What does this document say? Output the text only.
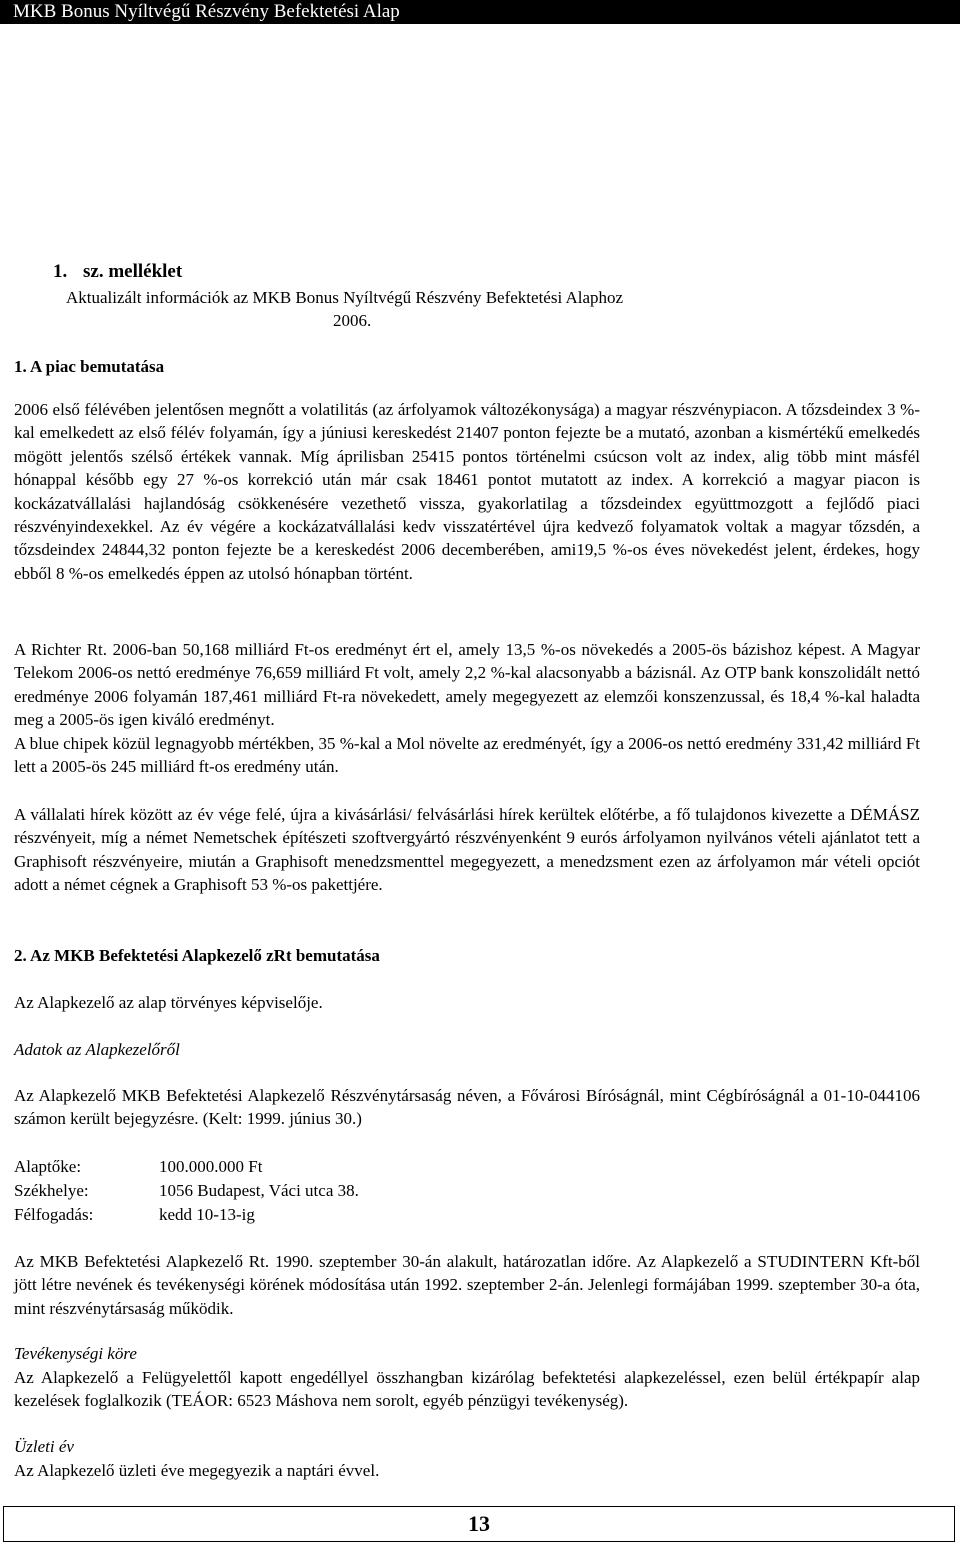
MKB Bonus Nyíltvégű Részvény Befektetési Alap
1. sz. melléklet
Aktualizált információk az MKB Bonus Nyíltvégű Részvény Befektetési Alaphoz
2006.
1. A piac bemutatása

2006 első félévében jelentősen megnőtt a volatilitás (az árfolyamok változékonysága) a magyar részvénypiacon. A tőzsdeindex 3 %-kal emelkedett az első félév folyamán, így a júniusi kereskedést 21407 ponton fejezte be a mutató, azonban a kismértékű emelkedés mögött jelentős szélső értékek vannak. Míg áprilisban 25415 pontos történelmi csúcson volt az index, alig több mint másfél hónappal később egy 27 %-os korrekció után már csak 18461 pontot mutatott az index. A korrekció a magyar piacon is kockázatvállalási hajlandóság csökkenésére vezethető vissza, gyakorlatilag a tőzsdeindex együttmozgott a fejlődő piaci részvényindexekkel. Az év végére a kockázatvállalási kedv visszatértével újra kedvező folyamatok voltak a magyar tőzsdén, a tőzsdeindex 24844,32 ponton fejezte be a kereskedést 2006 decemberében, ami19,5 %-os éves növekedést jelent, érdekes, hogy ebből 8 %-os emelkedés éppen az utolsó hónapban történt.

A Richter Rt. 2006-ban 50,168 milliárd Ft-os eredményt ért el, amely 13,5 %-os növekedés a 2005-ös bázishoz képest. A Magyar Telekom 2006-os nettó eredménye 76,659 milliárd Ft volt, amely 2,2 %-kal alacsonyabb a bázisnál. Az OTP bank konszolidált nettó eredménye 2006 folyamán 187,461 milliárd Ft-ra növekedett, amely megegyezett az elemzői konszenzussal, és 18,4 %-kal haladta meg a 2005-ös igen kiváló eredményt.

A blue chipek közül legnagyobb mértékben, 35 %-kal a Mol növelte az eredményét, így a 2006-os nettó eredmény 331,42 milliárd Ft lett a 2005-ös 245 milliárd ft-os eredmény után.

A vállalati hírek között az év vége felé, újra a kivásárlási/ felvásárlási hírek kerültek előtérbe, a fő tulajdonos kivezette a DÉMÁSZ részvényeit, míg a német Nemetschek építészeti szoftvergyártó részvényenként 9 eurós árfolyamon nyilvános vételi ajánlatot tett a Graphisoft részvényeire, miután a Graphisoft menedzsmenttel megegyezett, a menedzsment ezen az árfolyamon már vételi opciót adott a német cégnek a Graphisoft 53 %-os pakettjére.

2. Az MKB Befektetési Alapkezelő zRt bemutatása

Az Alapkezelő az alap törvényes képviselője.

Adatok az Alapkezelőről

Az Alapkezelő MKB Befektetési Alapkezelő Részvénytársaság néven, a Fővárosi Bíróságnál, mint Cégbíróságnál a 01-10-044106 számon került bejegyzésre. (Kelt: 1999. június 30.)

Alaptőke:	100.000.000 Ft
Székhelye:	1056 Budapest, Váci utca 38.
Félfogadás:	kedd 10-13-ig

Az MKB Befektetési Alapkezelő Rt. 1990. szeptember 30-án alakult, határozatlan időre. Az Alapkezelő a STUDINTERN Kft-ből jött létre nevének és tevékenységi körének módosítása után 1992. szeptember 2-án. Jelenlegi formájában 1999. szeptember 30-a óta, mint részvénytársaság működik.

Tevékenységi köre

Az Alapkezelő a Felügyelettől kapott engedéllyel összhangban kizárólag befektetési alapkezeléssel, ezen belül értékpapír alap kezelések foglalkozik (TEÁOR: 6523 Máshova nem sorolt, egyéb pénzügyi tevékenység).

Üzleti év

Az Alapkezelő üzleti éve megegyezik a naptári évvel.

13
